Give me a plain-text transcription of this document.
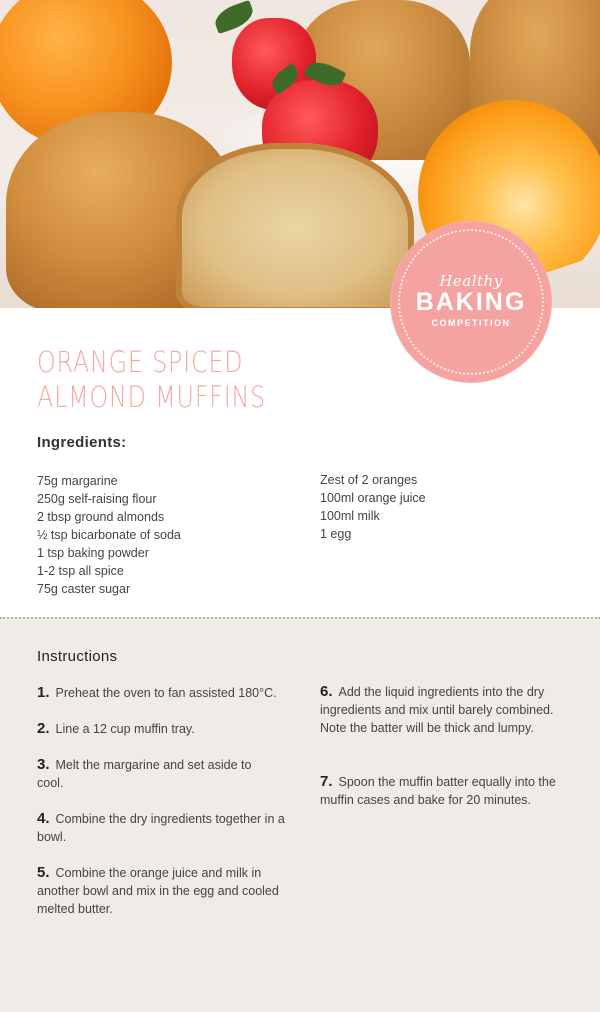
Healthy
BAKING
COMPETITION
ORANGE SPICED
ALMOND MUFFINS
Ingredients:
75g margarine
250g self-raising flour
2 tbsp ground almonds
½ tsp bicarbonate of soda
1 tsp baking powder
1-2 tsp all spice
75g caster sugar
Zest of 2 oranges
100ml orange juice
100ml milk
1 egg
Instructions

1. Preheat the oven to fan assisted 180°C.

2. Line a 12 cup muffin tray.

3. Melt the margarine and set aside to cool.

4. Combine the dry ingredients together in a bowl.

5. Combine the orange juice and milk in another bowl and mix in the egg and cooled melted butter.

6. Add the liquid ingredients into the dry ingredients and mix until barely combined. Note the batter will be thick and lumpy.

7. Spoon the muffin batter equally into the muffin cases and bake for 20 minutes.
